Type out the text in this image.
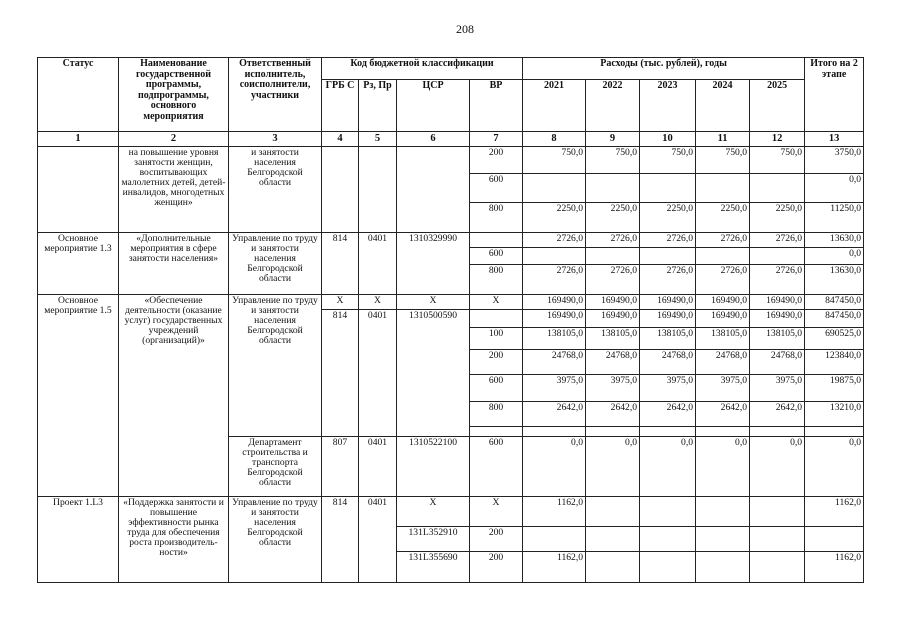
208
Статус	Наименование государственной программы, подпрограммы, основного мероприятия	Ответственный исполнитель, соисполнители, участники	Код бюджетной классификации				Расходы (тыс. рублей), годы					Итого на 2 этапе
			ГРБ С	Рз, Пр	ЦСР	ВР	2021	2022	2023	2024	2025	
1	2	3	4	5	6	7	8	9	10	11	12	13
	на повышение уровня занятости женщин, воспитывающих малолетних детей, детей-инвалидов, многодетных женщин»	и занятости населения Белгородской области				200	750,0	750,0	750,0	750,0	750,0	3750,0
						600						0,0
						800	2250,0	2250,0	2250,0	2250,0	2250,0	11250,0
Основное мероприятие 1.3	«Дополнительные мероприятия в сфере занятости населения»	Управление по труду и занятости населения Белгородской области	814	0401	1310329990		2726,0	2726,0	2726,0	2726,0	2726,0	13630,0
						600						0,0
						800	2726,0	2726,0	2726,0	2726,0	2726,0	13630,0
Основное мероприятие 1.5	«Обеспечение деятельности (оказание услуг) государственных учреждений (организаций)»	Управление по труду и занятости населения Белгородской области	Х	Х	Х	Х	169490,0	169490,0	169490,0	169490,0	169490,0	847450,0
			814	0401	1310500590		169490,0	169490,0	169490,0	169490,0	169490,0	847450,0
						100	138105,0	138105,0	138105,0	138105,0	138105,0	690525,0
						200	24768,0	24768,0	24768,0	24768,0	24768,0	123840,0
						600	3975,0	3975,0	3975,0	3975,0	3975,0	19875,0
						800	2642,0	2642,0	2642,0	2642,0	2642,0	13210,0

		Департамент строительства и транспорта Белгородской области	807	0401	1310522100	600	0,0	0,0	0,0	0,0	0,0	0,0
Проект 1.L3	«Поддержка занятости и повышение эффективности рынка труда для обеспечения роста производитель-ности»	Управление по труду и занятости населения Белгородской области	814	0401	Х	Х	1162,0					1162,0
					131L352910	200						
					131L355690	200	1162,0					1162,0
